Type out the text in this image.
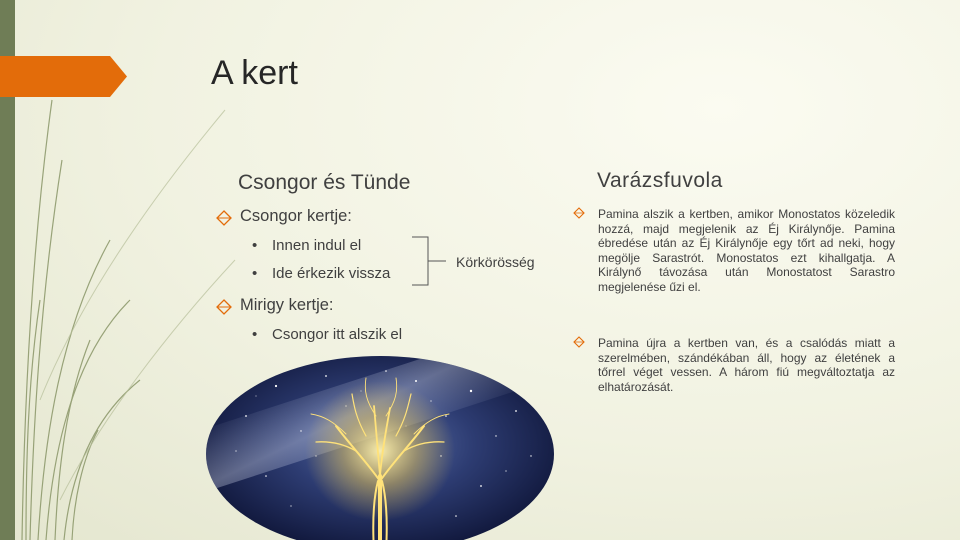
A kert
Csongor és Tünde	Varázsfuvola
Csongor kertje:
• Innen indul el
• Ide érkezik vissza
Mirigy kertje:
• Csongor itt alszik el
Körkörösség
Pamina alszik a kertben, amikor Monostatos közeledik hozzá, majd megjelenik az Éj Királynője. Pamina ébredése után az Éj Királynője egy tőrt ad neki, hogy megölje Sarastrót. Monostatos ezt kihallgatja. A Királynő távozása után Monostatost Sarastro megjelenése űzi el.
Pamina újra a kertben van, és a csalódás miatt a szerelmében, szándékában áll, hogy az életének a tőrrel véget vessen. A három fiú megváltoztatja az elhatározását.
